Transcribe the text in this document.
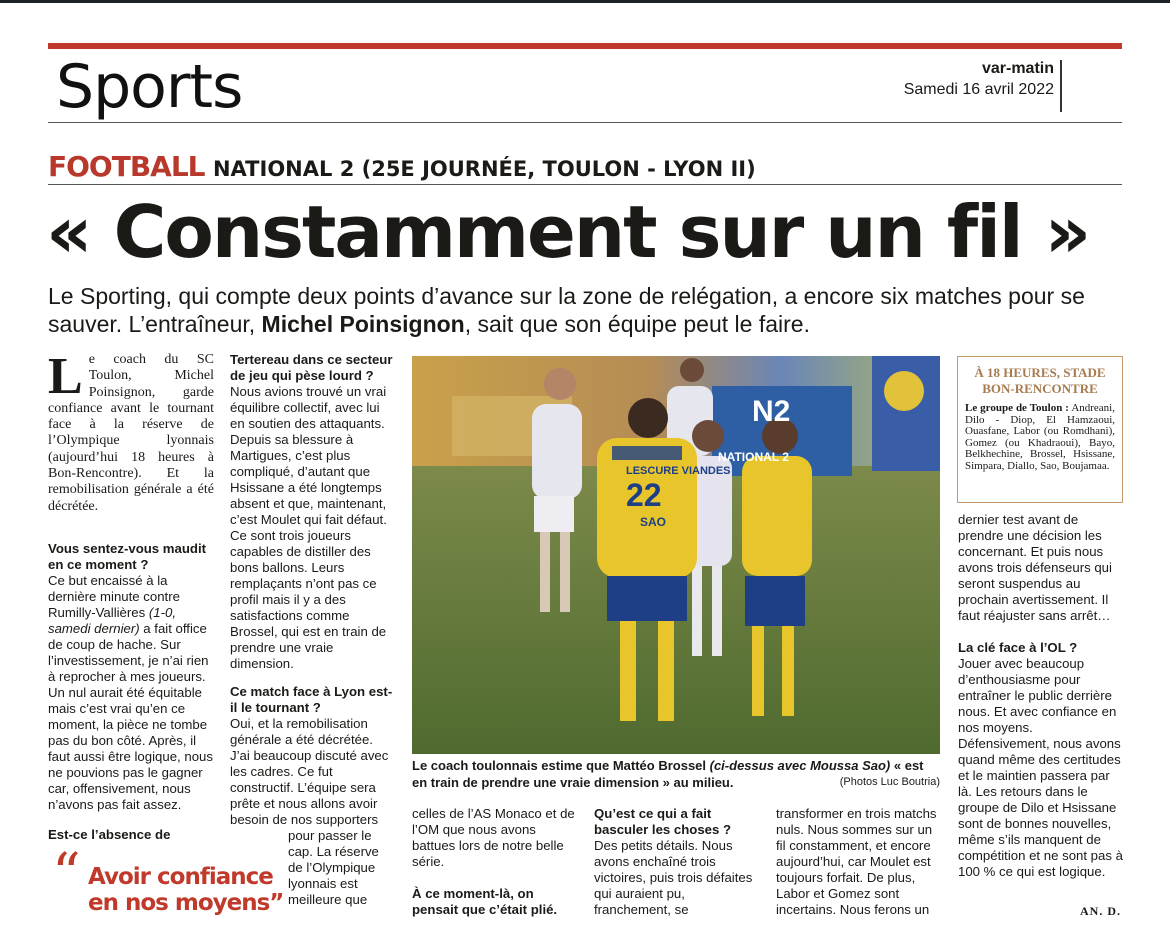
Sports	var-matin
Samedi 16 avril 2022
FOOTBALL NATIONAL 2 (25E JOURNÉE, TOULON - LYON II)
« Constamment sur un fil »
Le Sporting, qui compte deux points d’avance sur la zone de relégation, a encore six matches pour se sauver. L’entraîneur, Michel Poinsignon, sait que son équipe peut le faire.

Le coach du SC Toulon, Michel Poinsignon, garde confiance avant le tournant face à la réserve de l’Olympique lyonnais (aujourd’hui 18 heures à Bon-Rencontre). Et la remobilisation générale a été décrétée.

Vous sentez-vous maudit en ce moment ?

Ce but encaissé à la dernière minute contre Rumilly-Vallières (1-0, samedi dernier) a fait office de coup de hache. Sur l’investissement, je n’ai rien à reprocher à mes joueurs. Un nul aurait été équitable mais c’est vrai qu’en ce moment, la pièce ne tombe pas du bon côté. Après, il faut aussi être logique, nous ne pouvions pas le gagner car, offensivement, nous n’avons pas fait assez.

Est-ce l’absence de

“ Avoir confiance en nos moyens”

Tertereau dans ce secteur de jeu qui pèse lourd ?

Nous avions trouvé un vrai équilibre collectif, avec lui en soutien des attaquants. Depuis sa blessure à Martigues, c’est plus compliqué, d’autant que Hsissane a été longtemps absent et que, maintenant, c’est Moulet qui fait défaut. Ce sont trois joueurs capables de distiller des bons ballons. Leurs remplaçants n’ont pas ce profil mais il y a des satisfactions comme Brossel, qui est en train de prendre une vraie dimension.

Ce match face à Lyon est-il le tournant ?

Oui, et la remobilisation générale a été décrétée. J’ai beaucoup discuté avec les cadres. Ce fut constructif. L’équipe sera prête et nous allons avoir besoin de nos supporters

pour passer le cap. La réserve de l’Olympique lyonnais est meilleure que

LESCURE VIANDES
22
SAO
N2
NATIONAL 2
Le coach toulonnais estime que Mattéo Brossel (ci-dessus avec Moussa Sao) « est en train de prendre une vraie dimension » au milieu.	(Photos Luc Boutria)
À 18 HEURES, STADE BON-RENCONTRE
Le groupe de Toulon : Andreani, Dilo - Diop, El Hamzaoui, Ouasfane, Labor (ou Romdhani), Gomez (ou Khadraoui), Bayo, Belkhechine, Brossel, Hsissane, Simpara, Diallo, Sao, Boujamaa.

celles de l’AS Monaco et de l’OM que nous avons battues lors de notre belle série.

À ce moment-là, on pensait que c’était plié.

Qu’est ce qui a fait basculer les choses ?

Des petits détails. Nous avons enchaîné trois victoires, puis trois défaites qui auraient pu, franchement, se

transformer en trois matchs nuls. Nous sommes sur un fil constamment, et encore aujourd’hui, car Moulet est toujours forfait. De plus, Labor et Gomez sont incertains. Nous ferons un

dernier test avant de prendre une décision les concernant. Et puis nous avons trois défenseurs qui seront suspendus au prochain avertissement. Il faut réajuster sans arrêt…

La clé face à l’OL ?

Jouer avec beaucoup d’enthousiasme pour entraîner le public derrière nous. Et avec confiance en nos moyens. Défensivement, nous avons quand même des certitudes et le maintien passera par là. Les retours dans le groupe de Dilo et Hsissane sont de bonnes nouvelles, même s’ils manquent de compétition et ne sont pas à 100 % ce qui est logique.

AN. D.
